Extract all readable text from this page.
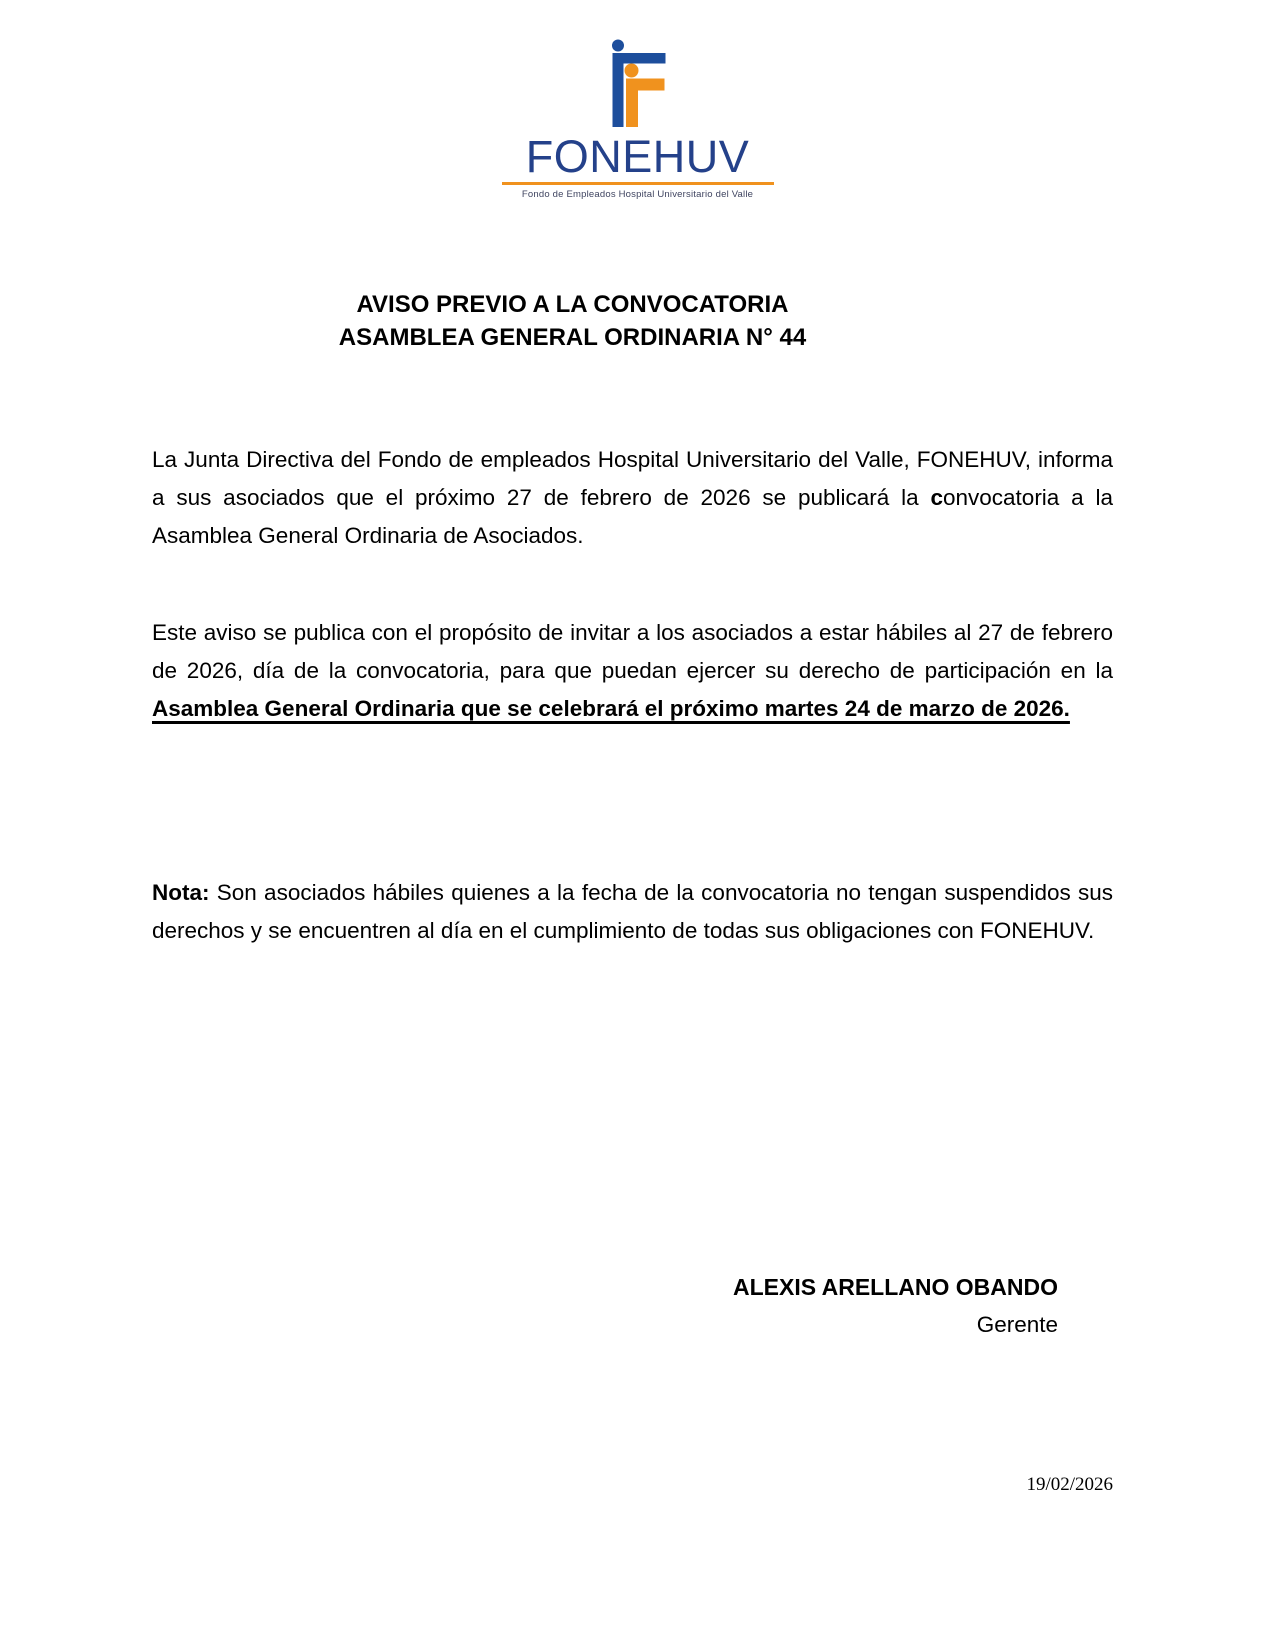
FONEHUV
Fondo de Empleados Hospital Universitario del Valle
AVISO PREVIO A LA CONVOCATORIA
ASAMBLEA GENERAL ORDINARIA N° 44

La Junta Directiva del Fondo de empleados Hospital Universitario del Valle, FONEHUV, informa a sus asociados que el próximo 27 de febrero de 2026 se publicará la convocatoria a la Asamblea General Ordinaria de Asociados.

Este aviso se publica con el propósito de invitar a los asociados a estar hábiles al 27 de febrero de 2026, día de la convocatoria, para que puedan ejercer su derecho de participación en la Asamblea General Ordinaria que se celebrará el próximo martes 24 de marzo de 2026.

Nota: Son asociados hábiles quienes a la fecha de la convocatoria no tengan suspendidos sus derechos y se encuentren al día en el cumplimiento de todas sus obligaciones con FONEHUV.

ALEXIS ARELLANO OBANDO
Gerente
19/02/2026
